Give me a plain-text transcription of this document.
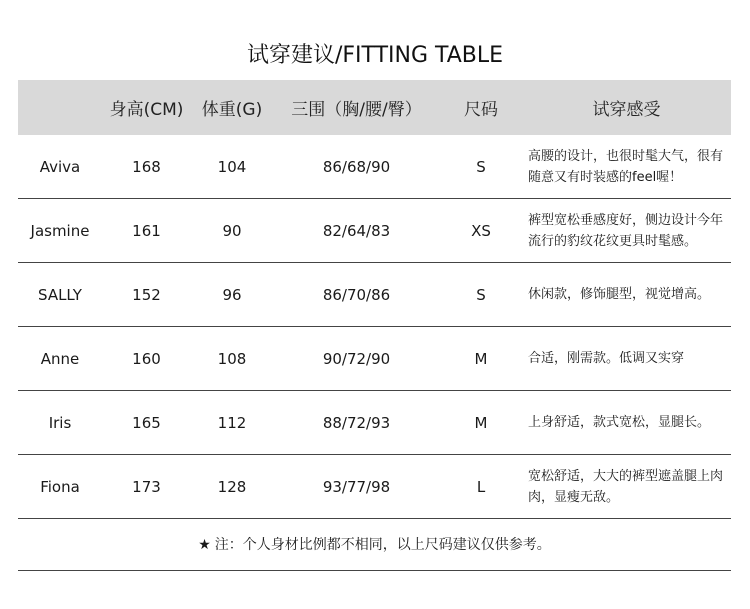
试穿建议/FITTING TABLE
	身高(CM)	体重(G)	三围（胸/腰/臀）	尺码	试穿感受
Aviva	168	104	86/68/90	S	高腰的设计，也很时髦大气，很有随意又有时装感的feel喔！
Jasmine	161	90	82/64/83	XS	裤型宽松垂感度好，侧边设计今年流行的豹纹花纹更具时髦感。
SALLY	152	96	86/70/86	S	休闲款，修饰腿型，视觉增高。
Anne	160	108	90/72/90	M	合适，刚需款。低调又实穿
Iris	165	112	88/72/93	M	上身舒适，款式宽松，显腿长。
Fiona	173	128	93/77/98	L	宽松舒适，大大的裤型遮盖腿上肉肉，显瘦无敌。
★ 注：个人身材比例都不相同，以上尺码建议仅供参考。
